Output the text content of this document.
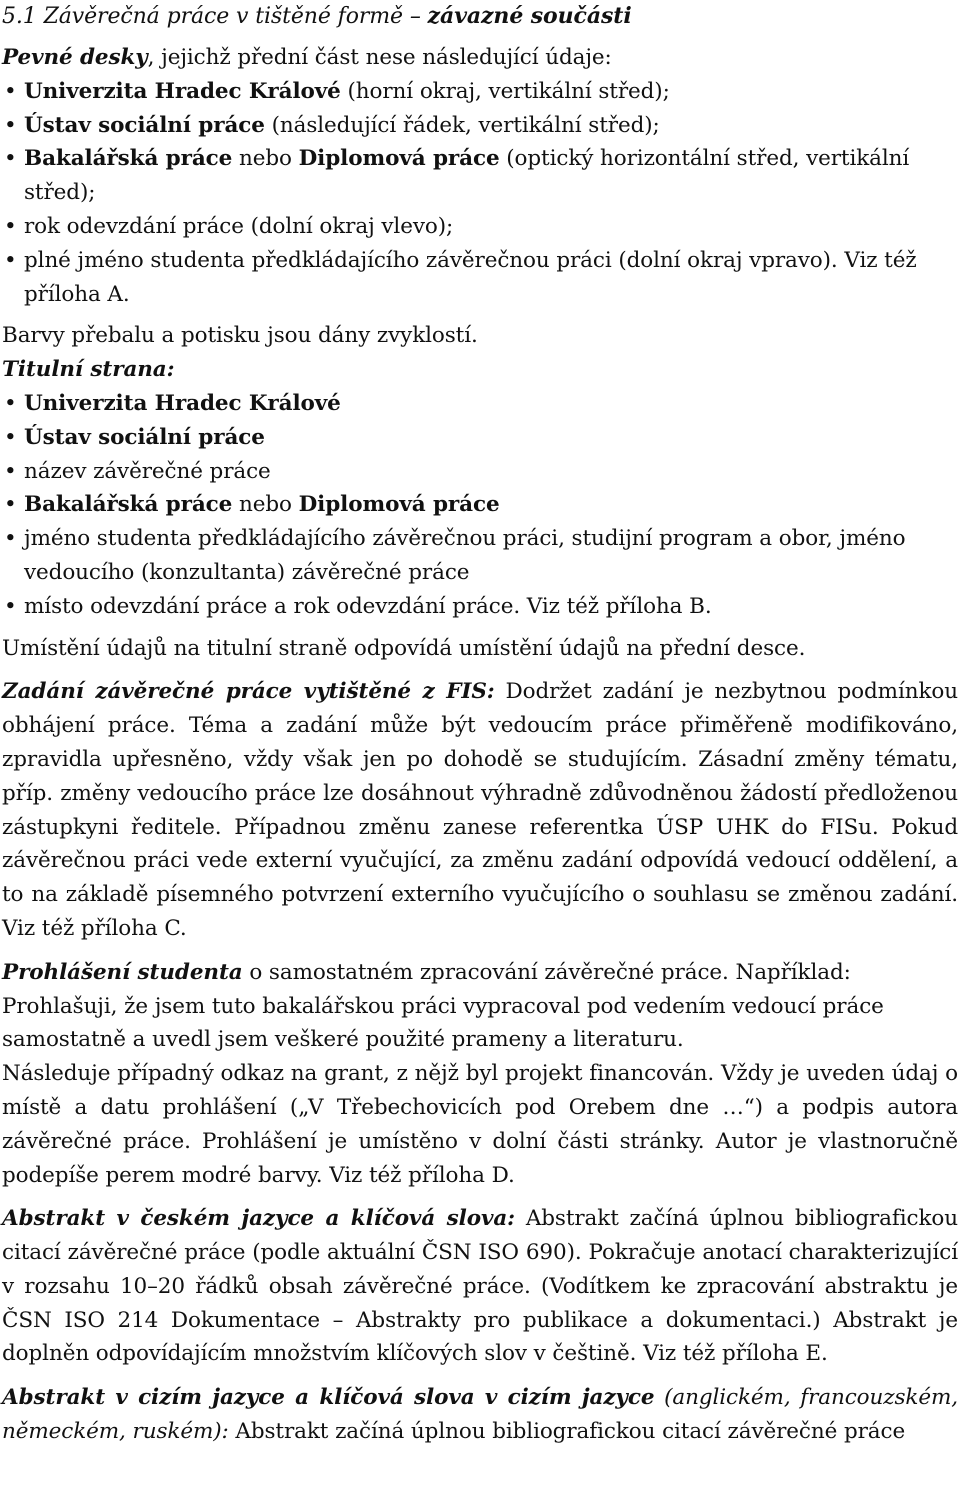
5.1 Závěrečná práce v tištěné formě – závazné součásti

Pevné desky, jejichž přední část nese následující údaje:

• Univerzita Hradec Králové (horní okraj, vertikální střed);
• Ústav sociální práce (následující řádek, vertikální střed);
• Bakalářská práce nebo Diplomová práce (optický horizontální střed, vertikální střed);
• rok odevzdání práce (dolní okraj vlevo);
• plné jméno studenta předkládajícího závěrečnou práci (dolní okraj vpravo). Viz též příloha A.

Barvy přebalu a potisku jsou dány zvyklostí.

Titulní strana:

• Univerzita Hradec Králové
• Ústav sociální práce
• název závěrečné práce
• Bakalářská práce nebo Diplomová práce
• jméno studenta předkládajícího závěrečnou práci, studijní program a obor, jméno vedoucího (konzultanta) závěrečné práce
• místo odevzdání práce a rok odevzdání práce. Viz též příloha B.

Umístění údajů na titulní straně odpovídá umístění údajů na přední desce.

Zadání závěrečné práce vytištěné z FIS: Dodržet zadání je nezbytnou podmínkou obhájení práce. Téma a zadání může být vedoucím práce přiměřeně modifikováno, zpravidla upřesněno, vždy však jen po dohodě se studujícím. Zásadní změny tématu, příp. změny vedoucího práce lze dosáhnout výhradně zdůvodněnou žádostí předloženou zástupkyni ředitele. Případnou změnu zanese referentka ÚSP UHK do FISu. Pokud závěrečnou práci vede externí vyučující, za změnu zadání odpovídá vedoucí oddělení, a to na základě písemného potvrzení externího vyučujícího o souhlasu se změnou zadání. Viz též příloha C.

Prohlášení studenta o samostatném zpracování závěrečné práce. Například:

Prohlašuji, že jsem tuto bakalářskou práci vypracoval pod vedením vedoucí práce samostatně a uvedl jsem veškeré použité prameny a literaturu.

Následuje případný odkaz na grant, z nějž byl projekt financován. Vždy je uveden údaj o místě a datu prohlášení („V Třebechovicích pod Orebem dne …“) a podpis autora závěrečné práce. Prohlášení je umístěno v dolní části stránky. Autor je vlastnoručně podepíše perem modré barvy. Viz též příloha D.

Abstrakt v českém jazyce a klíčová slova: Abstrakt začíná úplnou bibliografickou citací závěrečné práce (podle aktuální ČSN ISO 690). Pokračuje anotací charakterizující v rozsahu 10–20 řádků obsah závěrečné práce. (Vodítkem ke zpracování abstraktu je ČSN ISO 214 Dokumentace – Abstrakty pro publikace a dokumentaci.) Abstrakt je doplněn odpovídajícím množstvím klíčových slov v češtině. Viz též příloha E.

Abstrakt v cizím jazyce a klíčová slova v cizím jazyce (anglickém, francouzském, německém, ruském): Abstrakt začíná úplnou bibliografickou citací závěrečné práce
